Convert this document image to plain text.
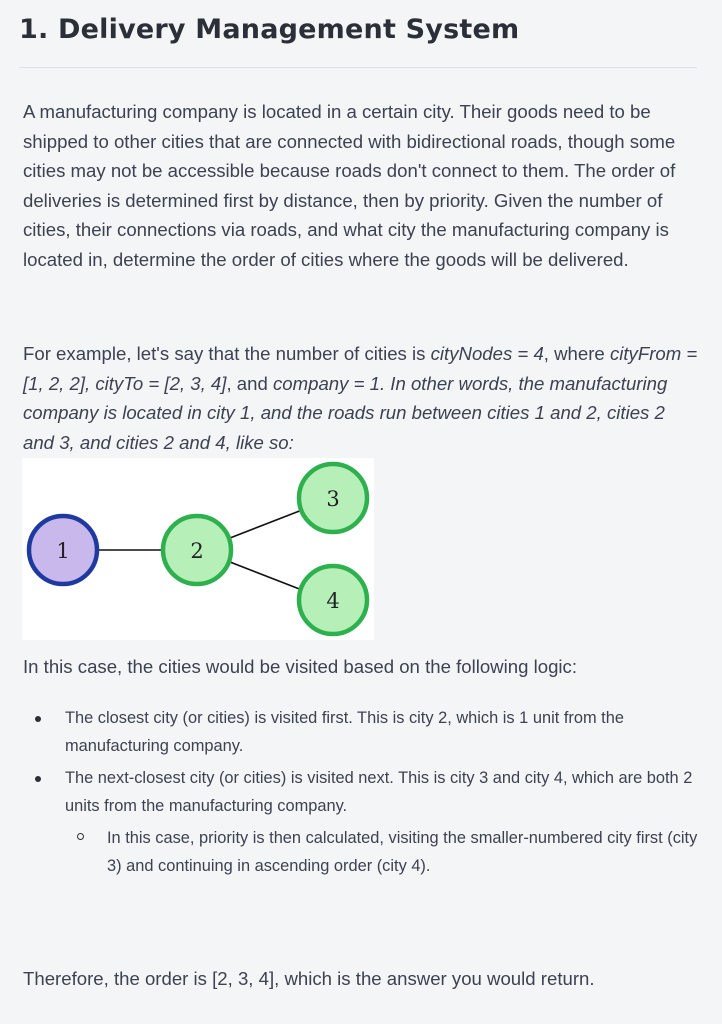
1. Delivery Management System

A manufacturing company is located in a certain city. Their goods need to be shipped to other cities that are connected with bidirectional roads, though some cities may not be accessible because roads don't connect to them. The order of deliveries is determined first by distance, then by priority. Given the number of cities, their connections via roads, and what city the manufacturing company is located in, determine the order of cities where the goods will be delivered.

For example, let's say that the number of cities is cityNodes = 4, where cityFrom = [1, 2, 2], cityTo = [2, 3, 4], and company = 1. In other words, the manufacturing company is located in city 1, and the roads run between cities 1 and 2, cities 2 and 3, and cities 2 and 4, like so:

1	2
3
4

In this case, the cities would be visited based on the following logic:

The closest city (or cities) is visited first. This is city 2, which is 1 unit from the manufacturing company.
The next-closest city (or cities) is visited next. This is city 3 and city 4, which are both 2 units from the manufacturing company.
In this case, priority is then calculated, visiting the smaller-numbered city first (city 3) and continuing in ascending order (city 4).

Therefore, the order is [2, 3, 4], which is the answer you would return.
